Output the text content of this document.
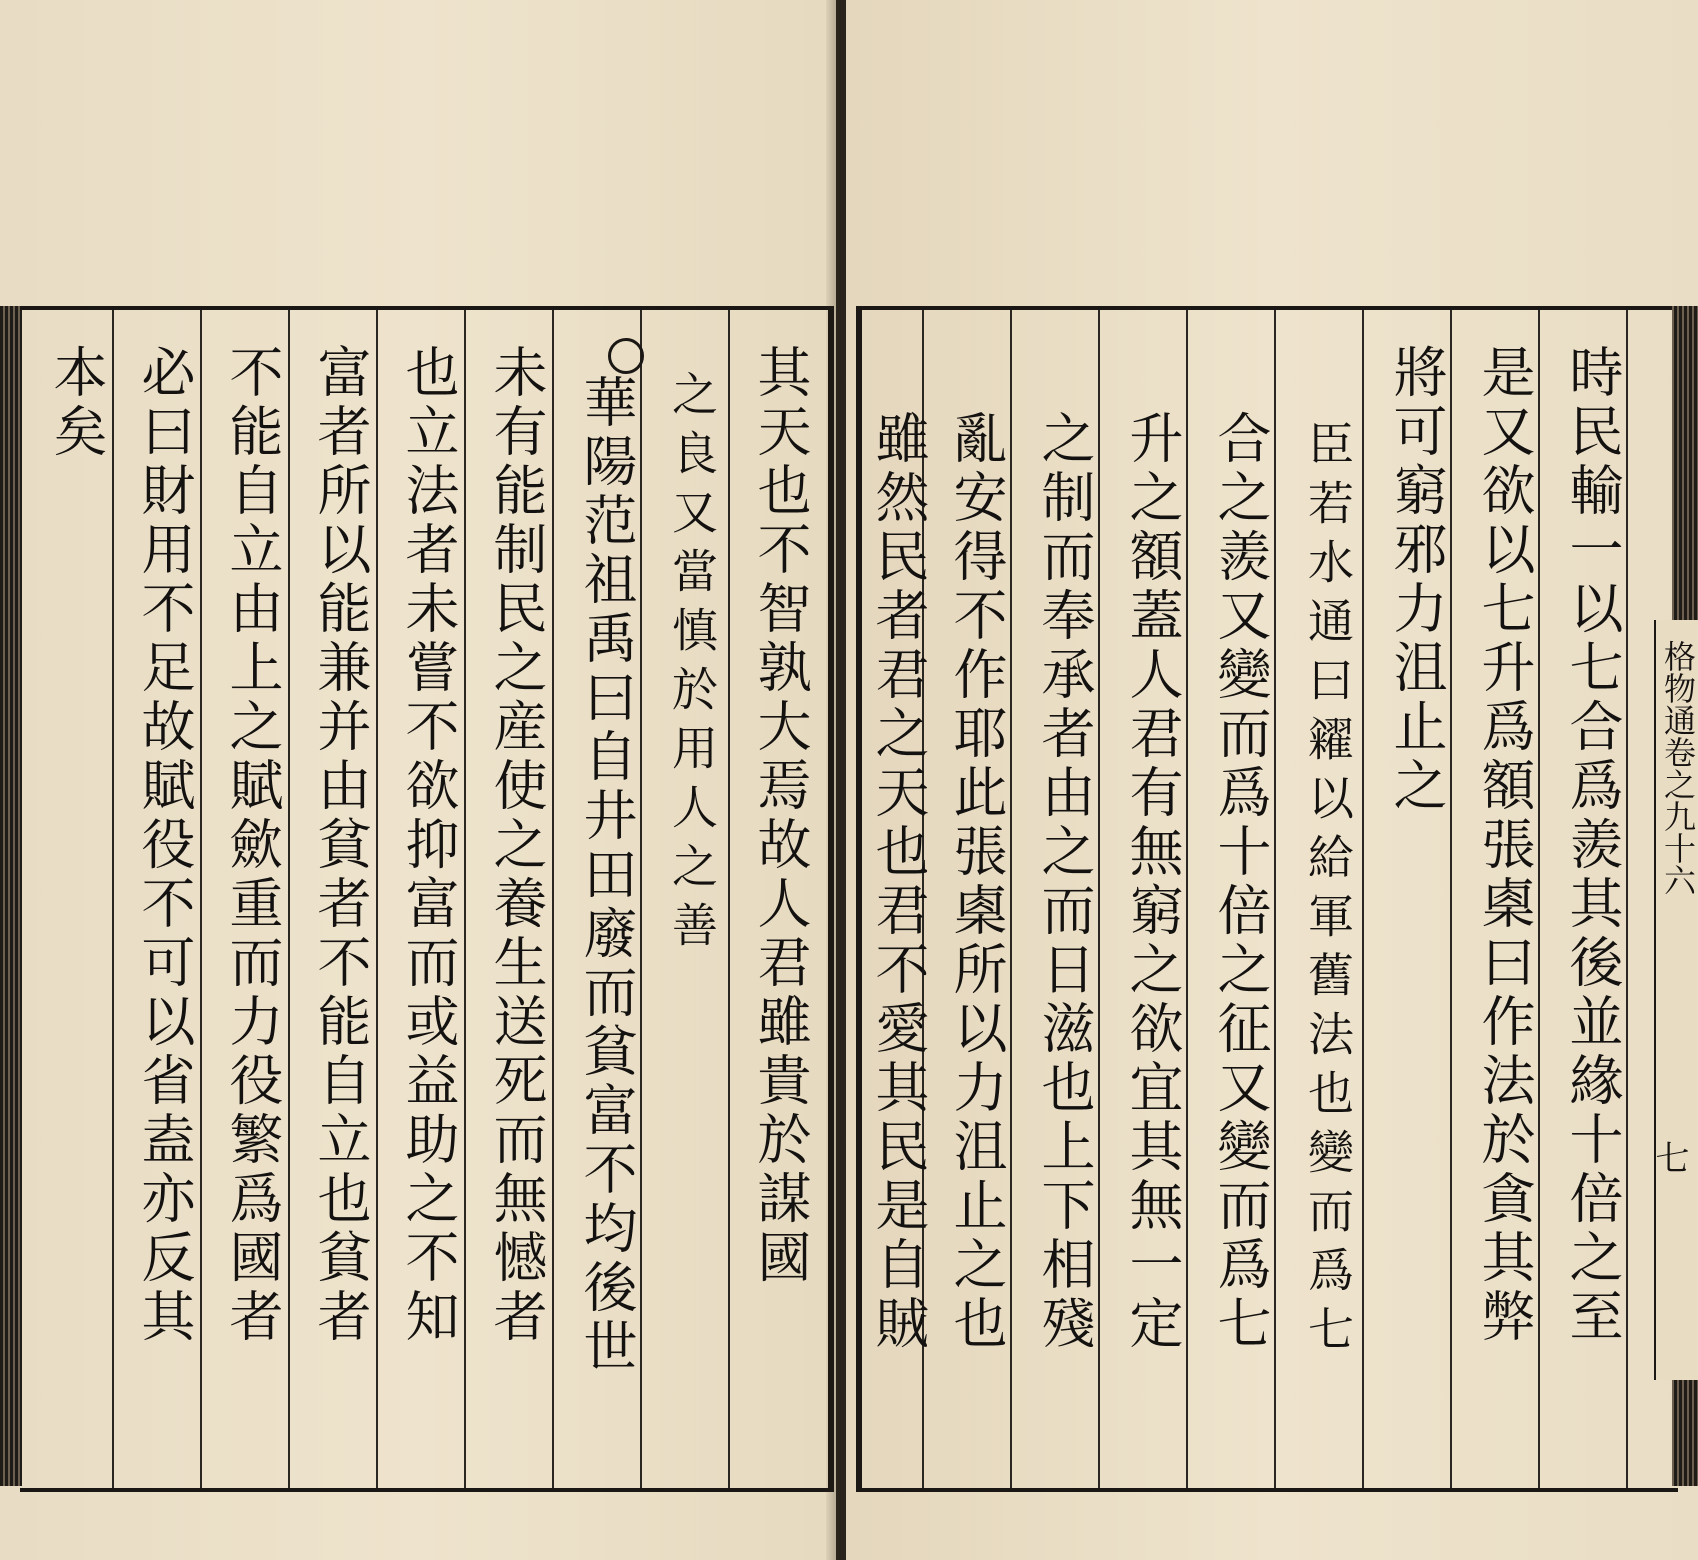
其天也不智孰大焉故人君雖貴於謀國
之良又當慎於用人之善
華陽范祖禹曰自井田廢而貧富不均後世
未有能制民之産使之養生送死而無憾者
也立法者未嘗不欲抑富而或益助之不知
富者所以能兼并由貧者不能自立也貧者
不能自立由上之賦歛重而力役繁爲國者
必曰財用不足故賦役不可以省盍亦反其
本矣	時民輸一以七合爲羨其後並緣十倍之至
是又欲以七升爲額張㮚曰作法於貪其弊
將可窮邪力沮止之
臣若水通曰糴以給軍舊法也變而爲七
合之羨又變而爲十倍之征又變而爲七
升之額蓋人君有無窮之欲宜其無一定
之制而奉承者由之而日滋也上下相殘
亂安得不作耶此張㮚所以力沮止之也
雖然民者君之天也君不愛其民是自賊	格物通卷之九十六
七
